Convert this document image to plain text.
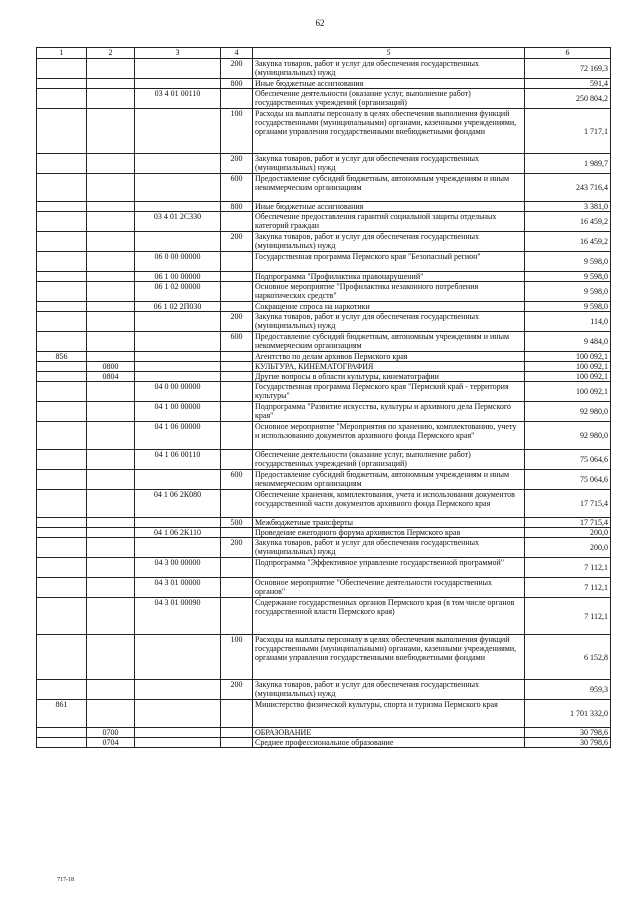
62
1	2	3	4	5	6
			200	Закупка товаров, работ и услуг для обеспечения государственных (муниципальных) нужд	72 169,3
			800	Иные бюджетные ассигнования	591,4
		03 4 01 00110		Обеспечение деятельности (оказание услуг, выполнение работ) государственных учреждений (организаций)	250 804,2
			100	Расходы на выплаты персоналу в целях обеспечения выполнения функций государственными (муниципальными) органами, казенными учреждениями, органами управления государственными внебюджетными фондами	1 717,1
			200	Закупка товаров, работ и услуг для обеспечения государственных (муниципальных) нужд	1 989,7
			600	Предоставление субсидий бюджетным, автономным учреждениям и иным некоммерческим организациям	243 716,4
			800	Иные бюджетные ассигнования	3 381,0
		03 4 01 2С330		Обеспечение предоставления гарантий социальной защиты отдельных категорий граждан	16 459,2
			200	Закупка товаров, работ и услуг для обеспечения государственных (муниципальных) нужд	16 459,2
		06 0 00 00000		Государственная программа Пермского края "Безопасный регион"	9 598,0
		06 1 00 00000		Подпрограмма "Профилактика правонарушений"	9 598,0
		06 1 02 00000		Основное мероприятие "Профилактика незаконного потребления наркотических средств"	9 598,0
		06 1 02 2П030		Сокращение спроса на наркотики	9 598,0
			200	Закупка товаров, работ и услуг для обеспечения государственных (муниципальных) нужд	114,0
			600	Предоставление субсидий бюджетным, автономным учреждениям и иным некоммерческим организациям	9 484,0
856				Агентство по делам архивов Пермского края	100 092,1
	0800			КУЛЬТУРА, КИНЕМАТОГРАФИЯ	100 092,1
	0804			Другие вопросы в области культуры, кинематографии	100 092,1
		04 0 00 00000		Государственная программа Пермского края "Пермский край - территория культуры"	100 092,1
		04 1 00 00000		Подпрограмма "Развитие искусства, культуры и архивного дела Пермского края"	92 980,0
		04 1 06 00000		Основное мероприятие "Мероприятия по хранению, комплектованию, учету и использованию документов архивного фонда Пермского края"	92 980,0
		04 1 06 00110		Обеспечение деятельности (оказание услуг, выполнение работ) государственных учреждений (организаций)	75 064,6
			600	Предоставление субсидий бюджетным, автономным учреждениям и иным некоммерческим организациям	75 064,6
		04 1 06 2К080		Обеспечение хранения, комплектования, учета и использования документов государственной части документов архивного фонда Пермского края	17 715,4
			500	Межбюджетные трансферты	17 715,4
		04 1 06 2К110		Проведение ежегодного форума архивистов Пермского края	200,0
			200	Закупка товаров, работ и услуг для обеспечения государственных (муниципальных) нужд	200,0
		04 3 00 00000		Подпрограмма "Эффективное управление государственной программой"	7 112,1
		04 3 01 00000		Основное мероприятие "Обеспечение деятельности государственных органов"	7 112,1
		04 3 01 00090		Содержание государственных органов Пермского края (в том числе органов государственной власти Пермского края)	7 112,1
			100	Расходы на выплаты персоналу в целях обеспечения выполнения функций государственными (муниципальными) органами, казенными учреждениями, органами управления государственными внебюджетными фондами	6 152,8
			200	Закупка товаров, работ и услуг для обеспечения государственных (муниципальных) нужд	959,3
861				Министерство физической культуры, спорта и туризма Пермского края	1 701 332,0
	0700			ОБРАЗОВАНИЕ	30 798,6
	0704			Среднее профессиональное образование	30 798,6
717-18
